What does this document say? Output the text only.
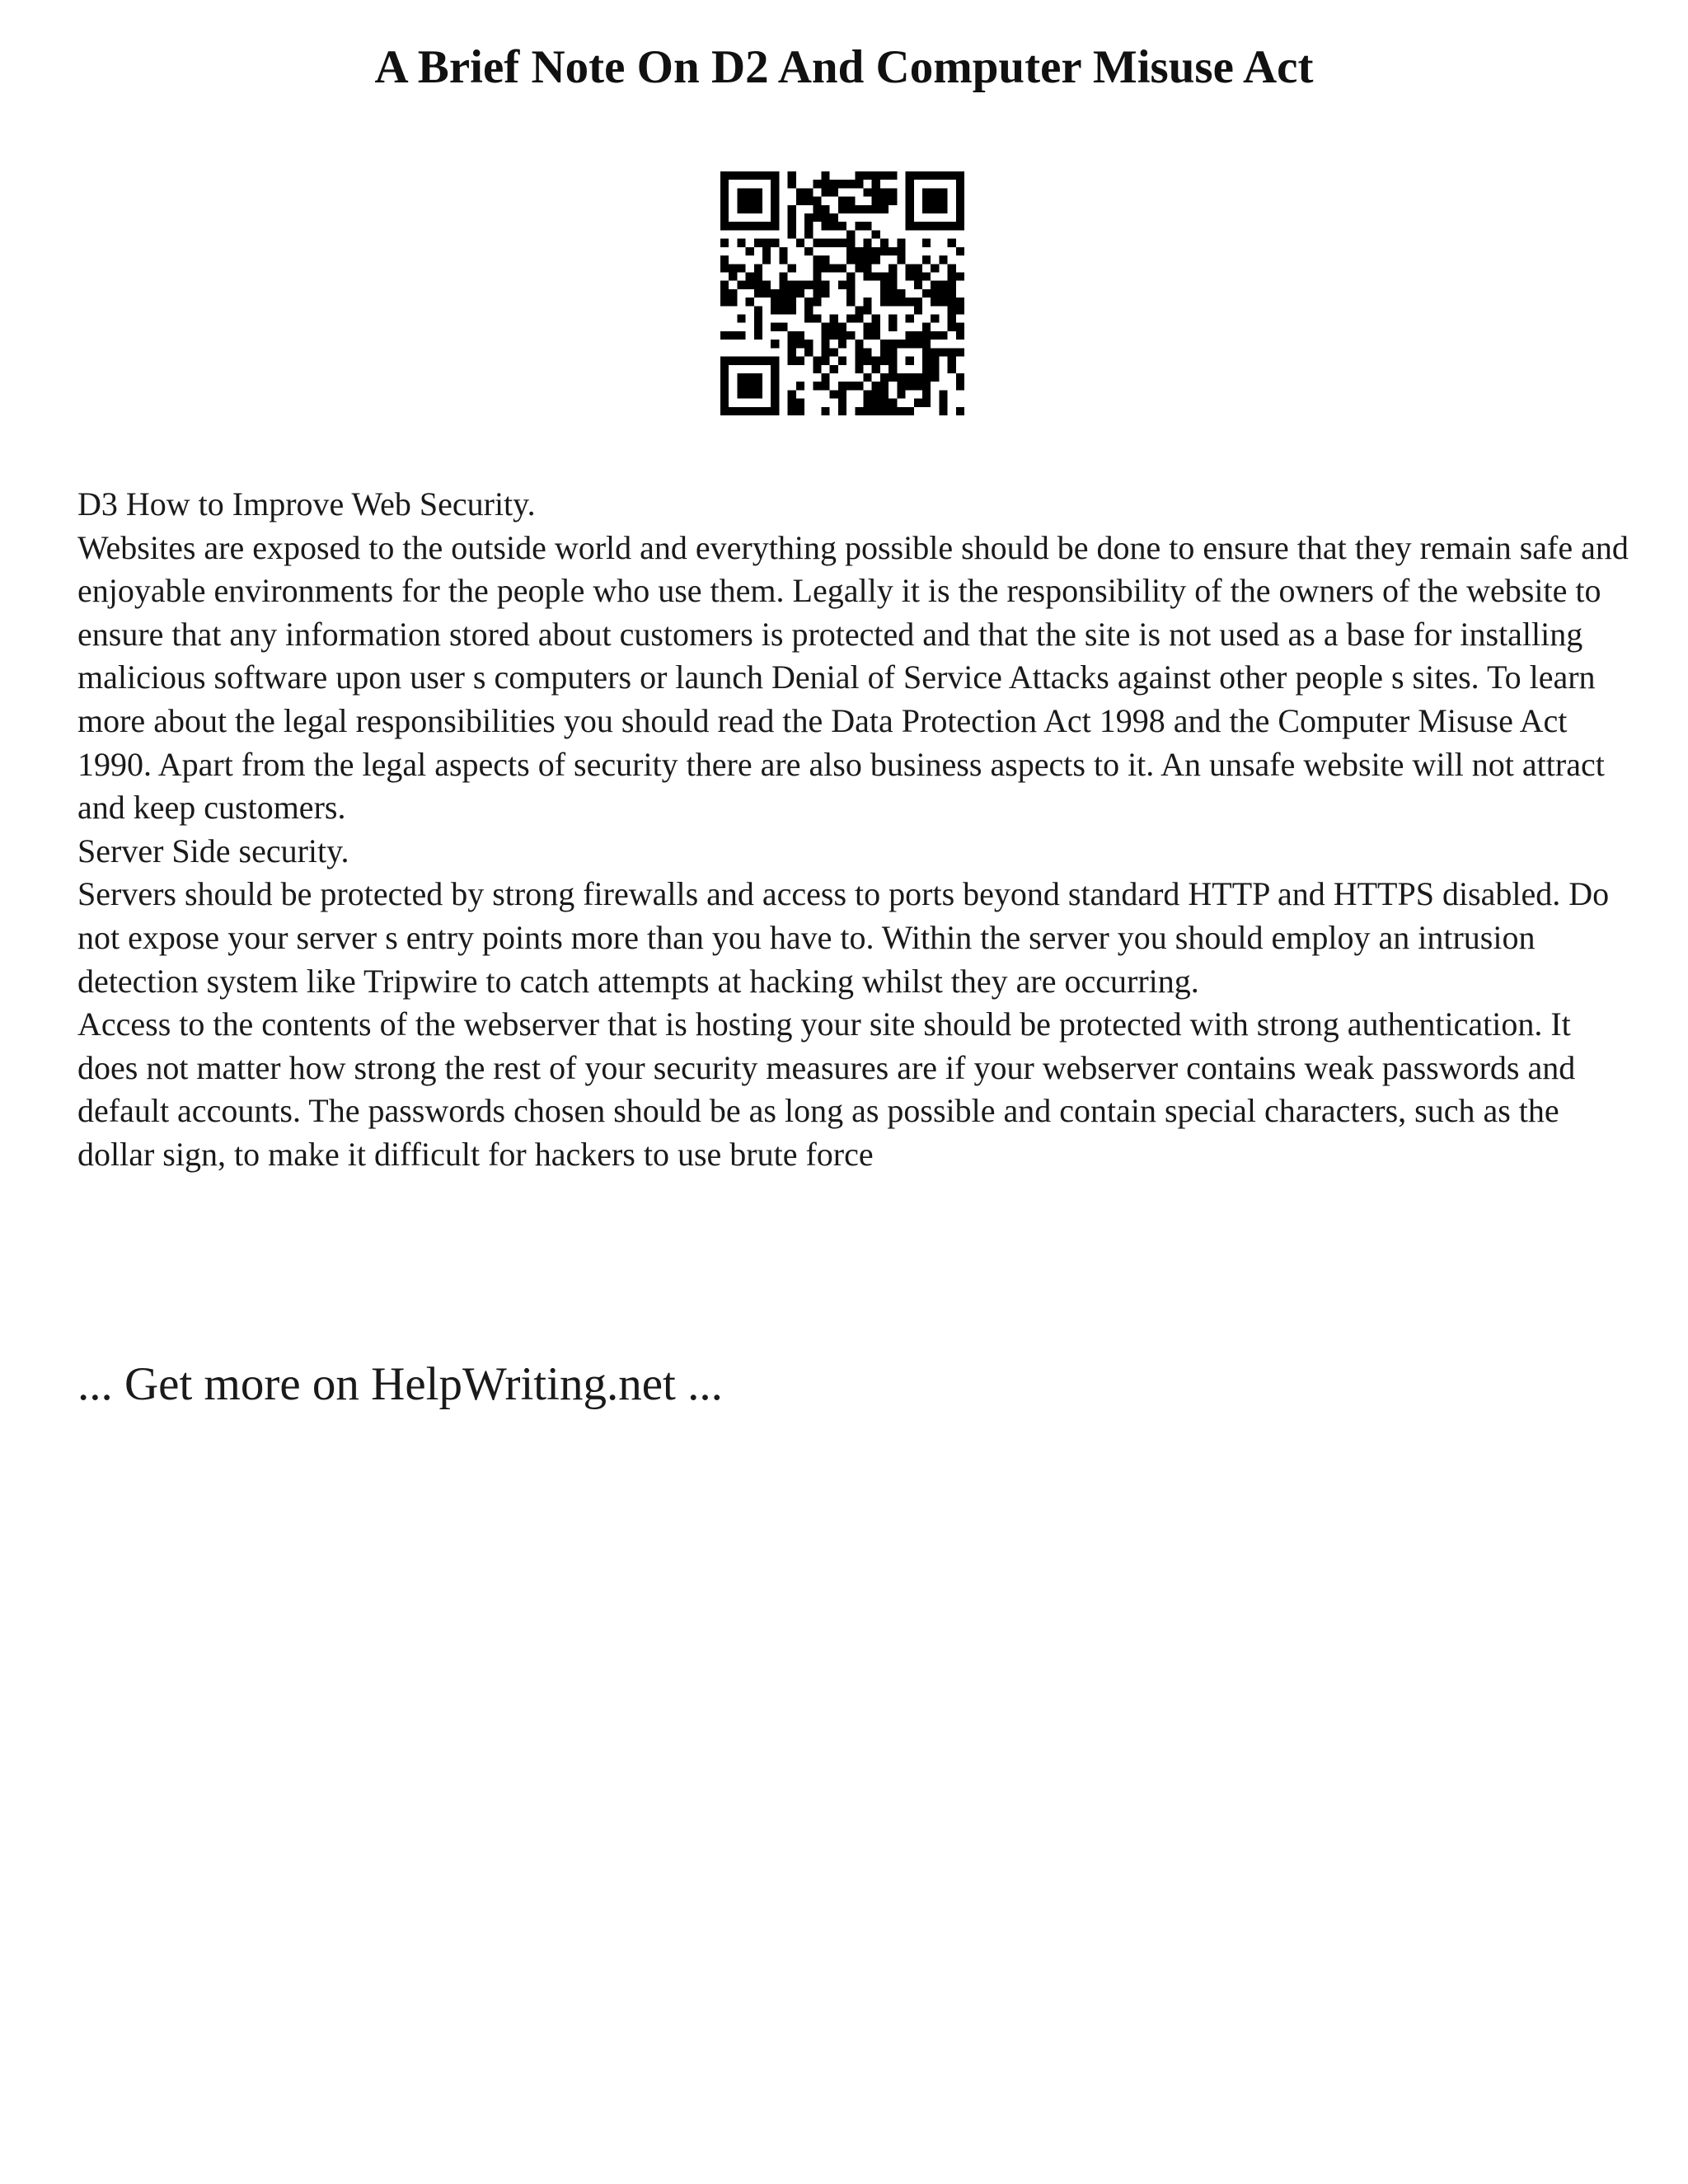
A Brief Note On D2 And Computer Misuse Act

D3 How to Improve Web Security.

Websites are exposed to the outside world and everything possible should be done to ensure that they remain safe and enjoyable environments for the people who use them. Legally it is the responsibility of the owners of the website to ensure that any information stored about customers is protected and that the site is not used as a base for installing malicious software upon user s computers or launch Denial of Service Attacks against other people s sites. To learn more about the legal responsibilities you should read the Data Protection Act 1998 and the Computer Misuse Act 1990. Apart from the legal aspects of security there are also business aspects to it. An unsafe website will not attract and keep customers.

Server Side security.

Servers should be protected by strong firewalls and access to ports beyond standard HTTP and HTTPS disabled. Do not expose your server s entry points more than you have to. Within the server you should employ an intrusion detection system like Tripwire to catch attempts at hacking whilst they are occurring.

Access to the contents of the webserver that is hosting your site should be protected with strong authentication. It does not matter how strong the rest of your security measures are if your webserver contains weak passwords and default accounts. The passwords chosen should be as long as possible and contain special characters, such as the dollar sign, to make it difficult for hackers to use brute force

... Get more on HelpWriting.net ...
